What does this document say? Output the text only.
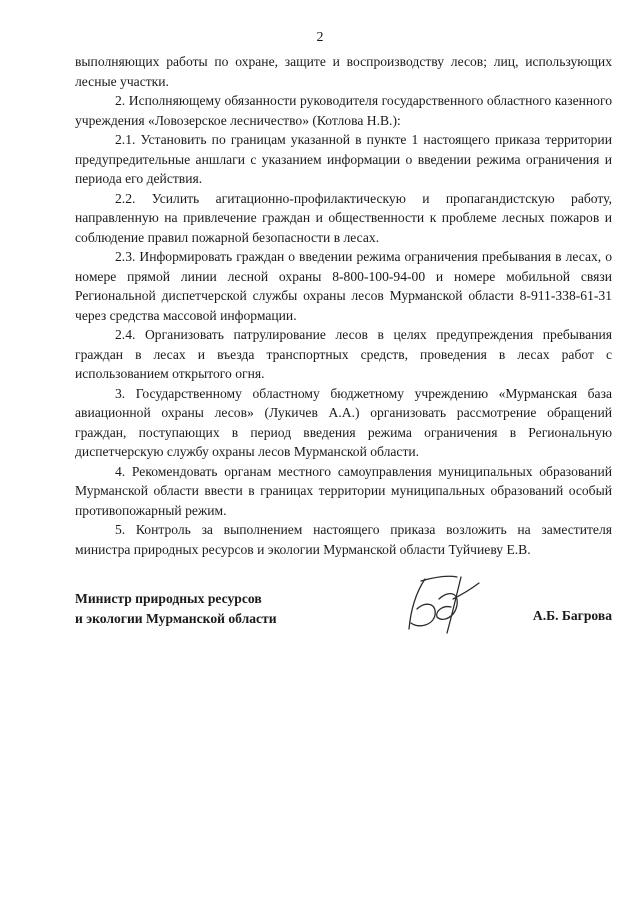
2

выполняющих работы по охране, защите и воспроизводству лесов; лиц, использующих лесные участки.

2. Исполняющему обязанности руководителя государственного областного казенного учреждения «Ловозерское лесничество» (Котлова Н.В.):

2.1. Установить по границам указанной в пункте 1 настоящего приказа территории предупредительные аншлаги с указанием информации о введении режима ограничения и периода его действия.

2.2. Усилить агитационно-профилактическую и пропагандистскую работу, направленную на привлечение граждан и общественности к проблеме лесных пожаров и соблюдение правил пожарной безопасности в лесах.

2.3. Информировать граждан о введении режима ограничения пребывания в лесах, о номере прямой линии лесной охраны 8-800-100-94-00 и номере мобильной связи Региональной диспетчерской службы охраны лесов Мурманской области 8-911-338-61-31 через средства массовой информации.

2.4. Организовать патрулирование лесов в целях предупреждения пребывания граждан в лесах и въезда транспортных средств, проведения в лесах работ с использованием открытого огня.

3. Государственному областному бюджетному учреждению «Мурманская база авиационной охраны лесов» (Лукичев А.А.) организовать рассмотрение обращений граждан, поступающих в период введения режима ограничения в Региональную диспетчерскую службу охраны лесов Мурманской области.

4. Рекомендовать органам местного самоуправления муниципальных образований Мурманской области ввести в границах территории муниципальных образований особый противопожарный режим.

5. Контроль за выполнением настоящего приказа возложить на заместителя министра природных ресурсов и экологии Мурманской области Туйчиеву Е.В.

Министр природных ресурсов
и экологии Мурманской области	А.Б. Багрова
